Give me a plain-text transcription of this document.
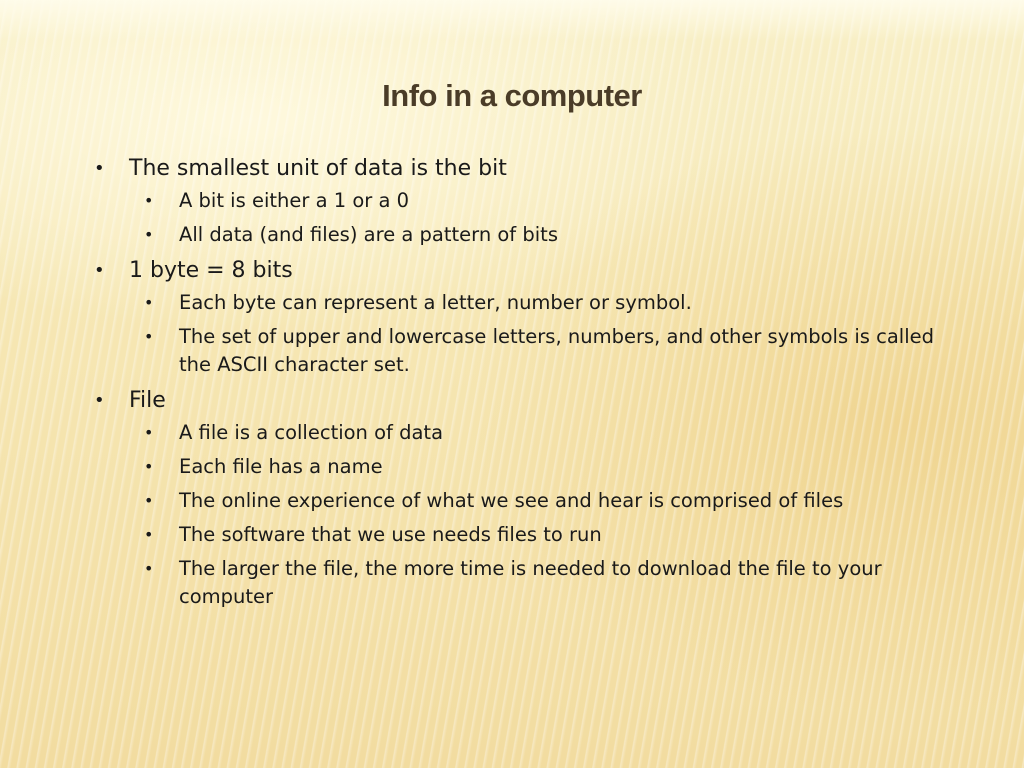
Info in a computer
• The smallest unit of data is the bit
• A bit is either a 1 or a 0
• All data (and files) are a pattern of bits
• 1 byte = 8 bits
• Each byte can represent a letter, number or symbol.
• The set of upper and lowercase letters, numbers, and other symbols is called the ASCII character set.
• File
• A file is a collection of data
• Each file has a name
• The online experience of what we see and hear is comprised of files
• The software that we use needs files to run
• The larger the file, the more time is needed to download the file to your computer
